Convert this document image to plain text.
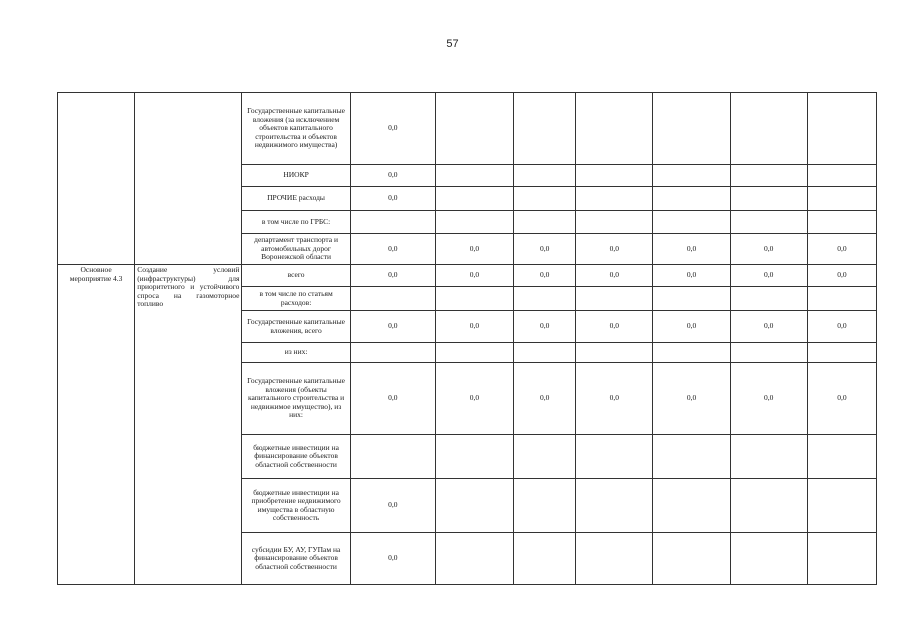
57
		Государственные капитальные вложения (за исключением объектов капитального строительства и объектов недвижимого имущества)	0,0						
		НИОКР	0,0						
		ПРОЧИЕ расходы	0,0						
		в том числе по ГРБС:							
		департамент транспорта и автомобильных дорог Воронежской области	0,0	0,0	0,0	0,0	0,0	0,0	0,0
Основное мероприятие 4.3	Создание условий (инфраструктуры) для приоритетного и устойчивого спроса на газомоторное топливо	всего	0,0	0,0	0,0	0,0	0,0	0,0	0,0
		в том числе по статьям расходов:							
		Государственные капитальные вложения, всего	0,0	0,0	0,0	0,0	0,0	0,0	0,0
		из них:							
		Государственные капитальные вложения (объекты капитального строительства и недвижимое имущество), из них:	0,0	0,0	0,0	0,0	0,0	0,0	0,0
		бюджетные инвестиции на финансирование объектов областной собственности							
		бюджетные инвестиции на приобретение недвижимого имущества в областную собственность	0,0						
		субсидии БУ, АУ, ГУПам на финансирование объектов областной собственности	0,0						
